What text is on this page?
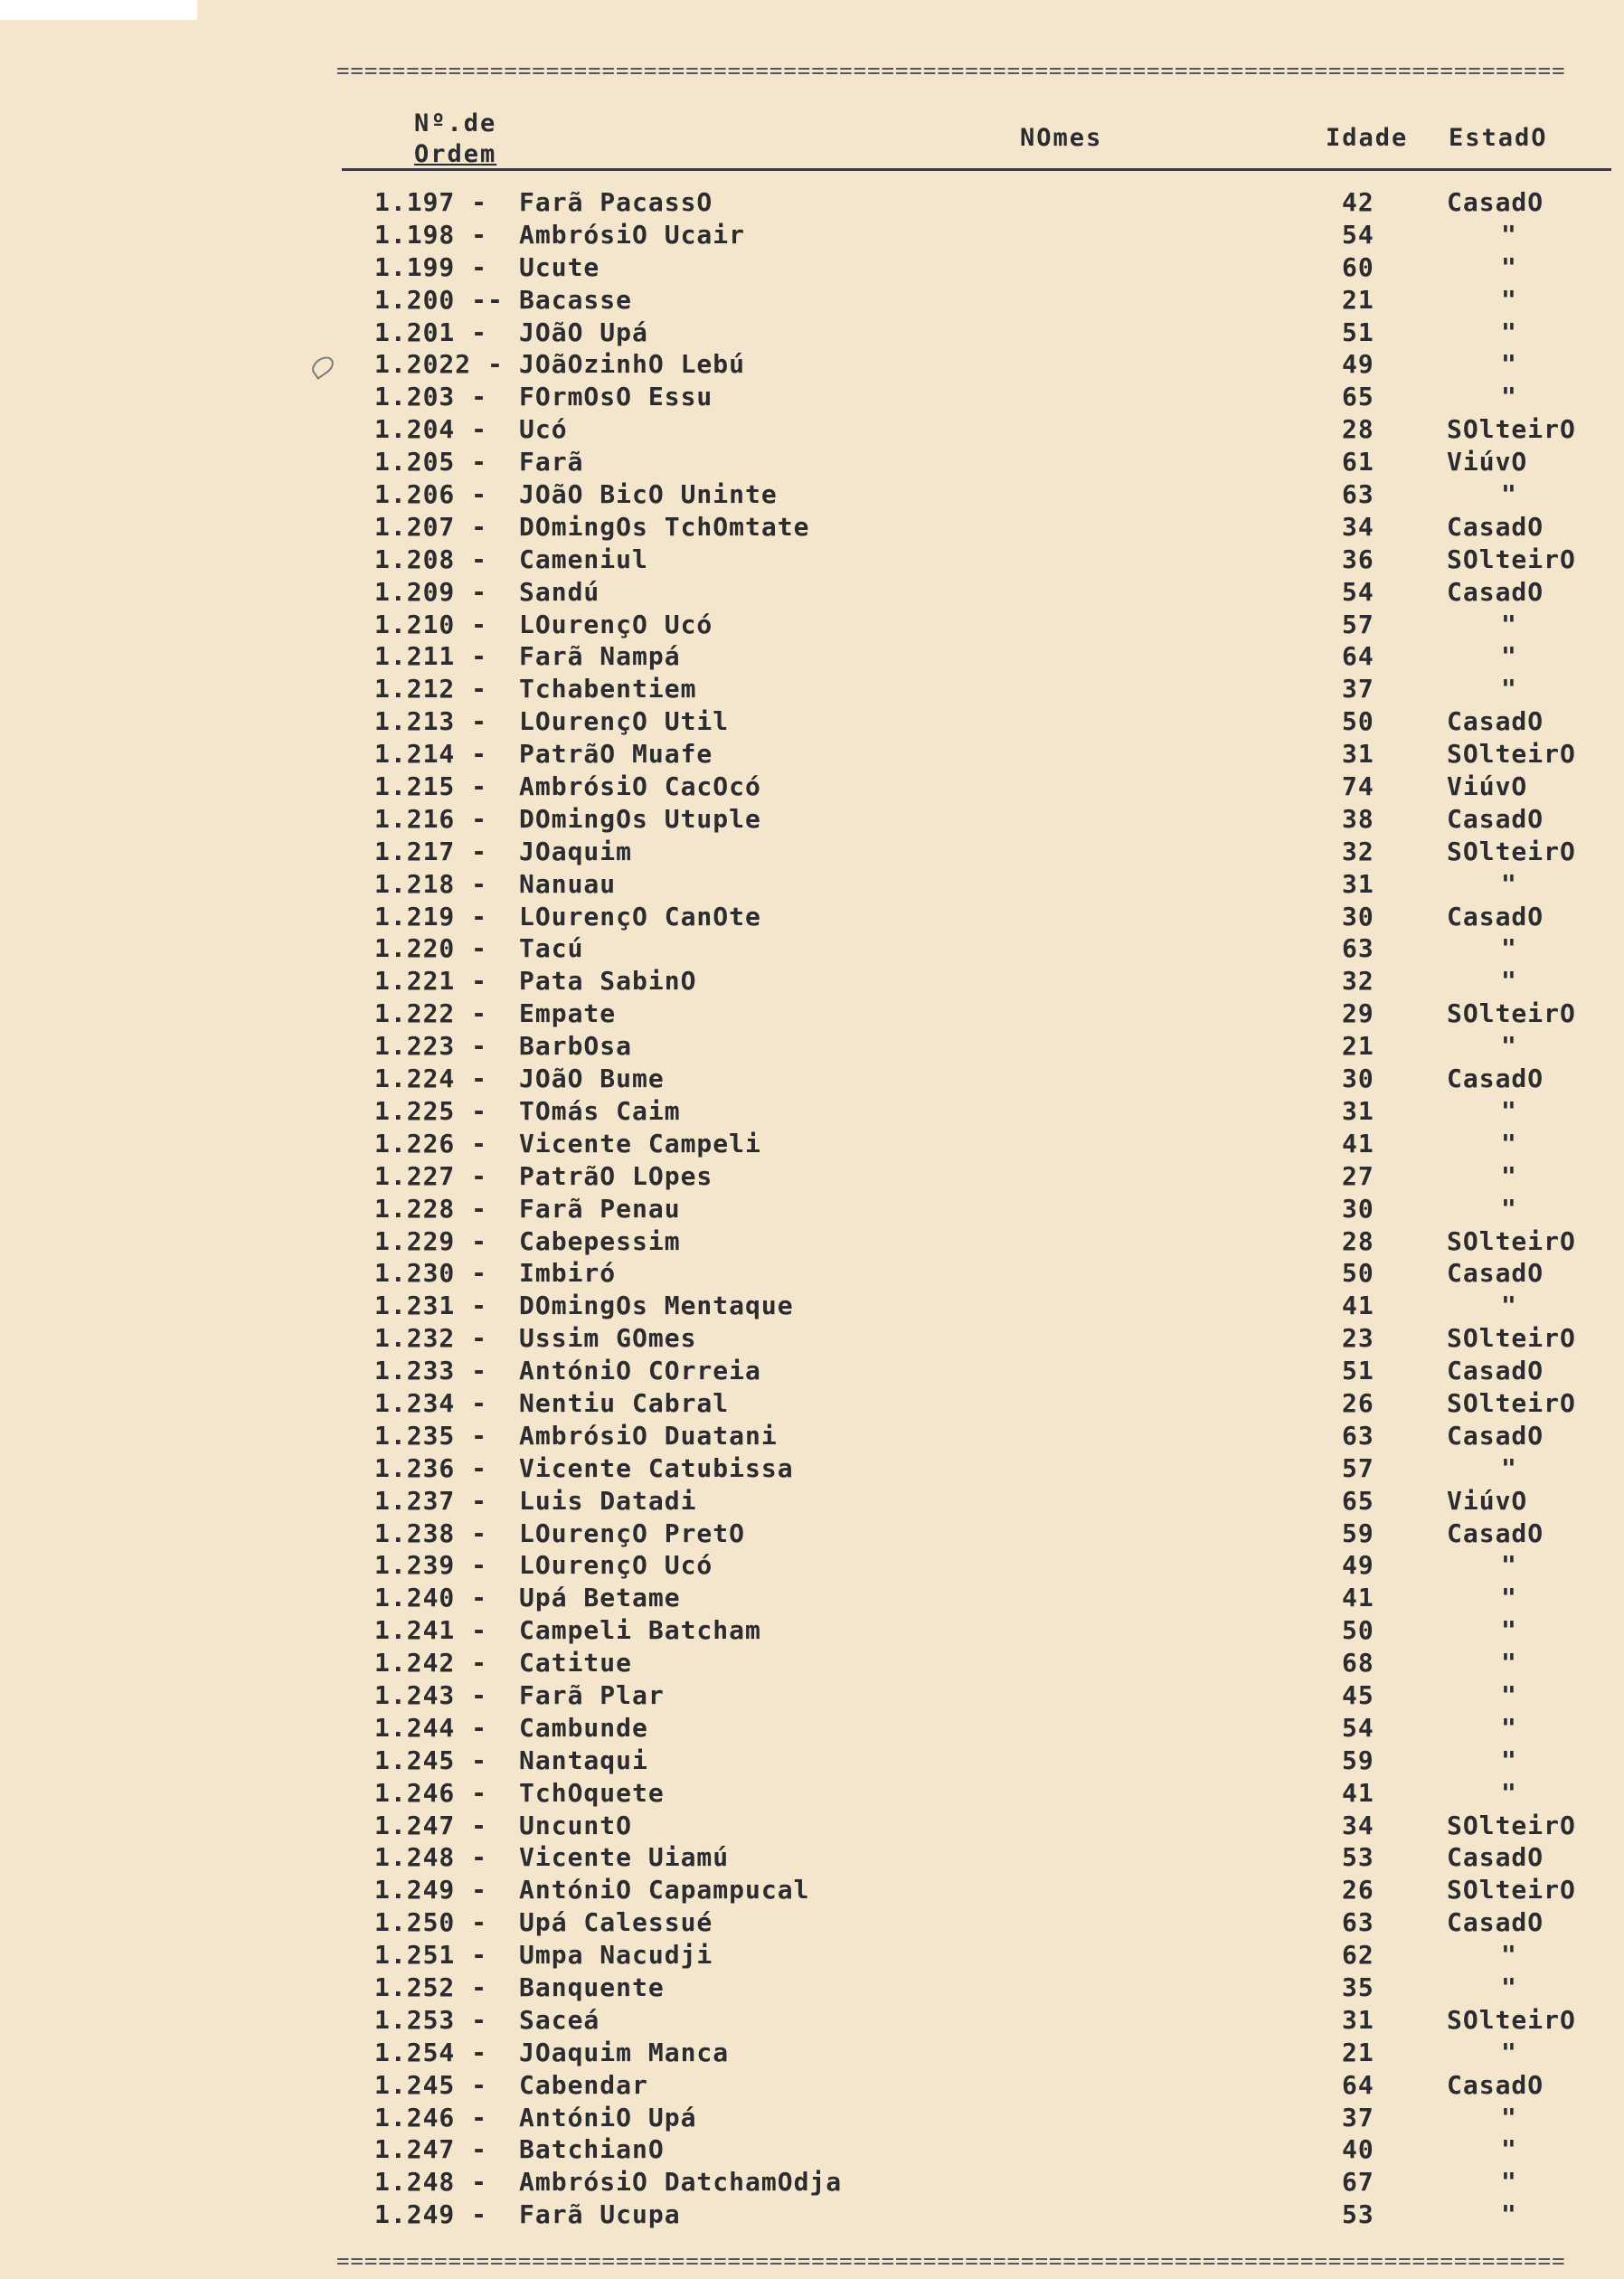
========================================================================================
Nº.de
Ordem
NOmes	Idade EstadO
1.197 - Farã PacassO	42	CasadO
1.198 - AmbrósiO Ucair	54	"
1.199 - Ucute	60	"
1.200 -- Bacasse	21	"
1.201 - JOãO Upá	51	"
1.2022 - JOãOzinhO Lebú	49	"
1.203 - FOrmOsO Essu	65	"
1.204 - Ucó	28	SOlteirO
1.205 - Farã	61	ViúvO
1.206 - JOãO BicO Uninte	63	"
1.207 - DOmingOs TchOmtate	34	CasadO
1.208 - Cameniul	36	SOlteirO
1.209 - Sandú	54	CasadO
1.210 - LOurençO Ucó	57	"
1.211 - Farã Nampá	64	"
1.212 - Tchabentiem	37	"
1.213 - LOurençO Util	50	CasadO
1.214 - PatrãO Muafe	31	SOlteirO
1.215 - AmbrósiO CacOcó	74	ViúvO
1.216 - DOmingOs Utuple	38	CasadO
1.217 - JOaquim	32	SOlteirO
1.218 - Nanuau	31	"
1.219 - LOurençO CanOte	30	CasadO
1.220 - Tacú	63	"
1.221 - Pata SabinO	32	"
1.222 - Empate	29	SOlteirO
1.223 - BarbOsa	21	"
1.224 - JOãO Bume	30	CasadO
1.225 - TOmás Caim	31	"
1.226 - Vicente Campeli	41	"
1.227 - PatrãO LOpes	27	"
1.228 - Farã Penau	30	"
1.229 - Cabepessim	28	SOlteirO
1.230 - Imbiró	50	CasadO
1.231 - DOmingOs Mentaque	41	"
1.232 - Ussim GOmes	23	SOlteirO
1.233 - AntóniO COrreia	51	CasadO
1.234 - Nentiu Cabral	26	SOlteirO
1.235 - AmbrósiO Duatani	63	CasadO
1.236 - Vicente Catubissa	57	"
1.237 - Luis Datadi	65	ViúvO
1.238 - LOurençO PretO	59	CasadO
1.239 - LOurençO Ucó	49	"
1.240 - Upá Betame	41	"
1.241 - Campeli Batcham	50	"
1.242 - Catitue	68	"
1.243 - Farã Plar	45	"
1.244 - Cambunde	54	"
1.245 - Nantaqui	59	"
1.246 - TchOquete	41	"
1.247 - UncuntO	34	SOlteirO
1.248 - Vicente Uiamú	53	CasadO
1.249 - AntóniO Capampucal	26	SOlteirO
1.250 - Upá Calessué	63	CasadO
1.251 - Umpa Nacudji	62	"
1.252 - Banquente	35	"
1.253 - Saceá	31	SOlteirO
1.254 - JOaquim Manca	21	"
1.245 - Cabendar	64	CasadO
1.246 - AntóniO Upá	37	"
1.247 - BatchianO	40	"
1.248 - AmbrósiO DatchamOdja	67	"
1.249 - Farã Ucupa	53	"
========================================================================================
